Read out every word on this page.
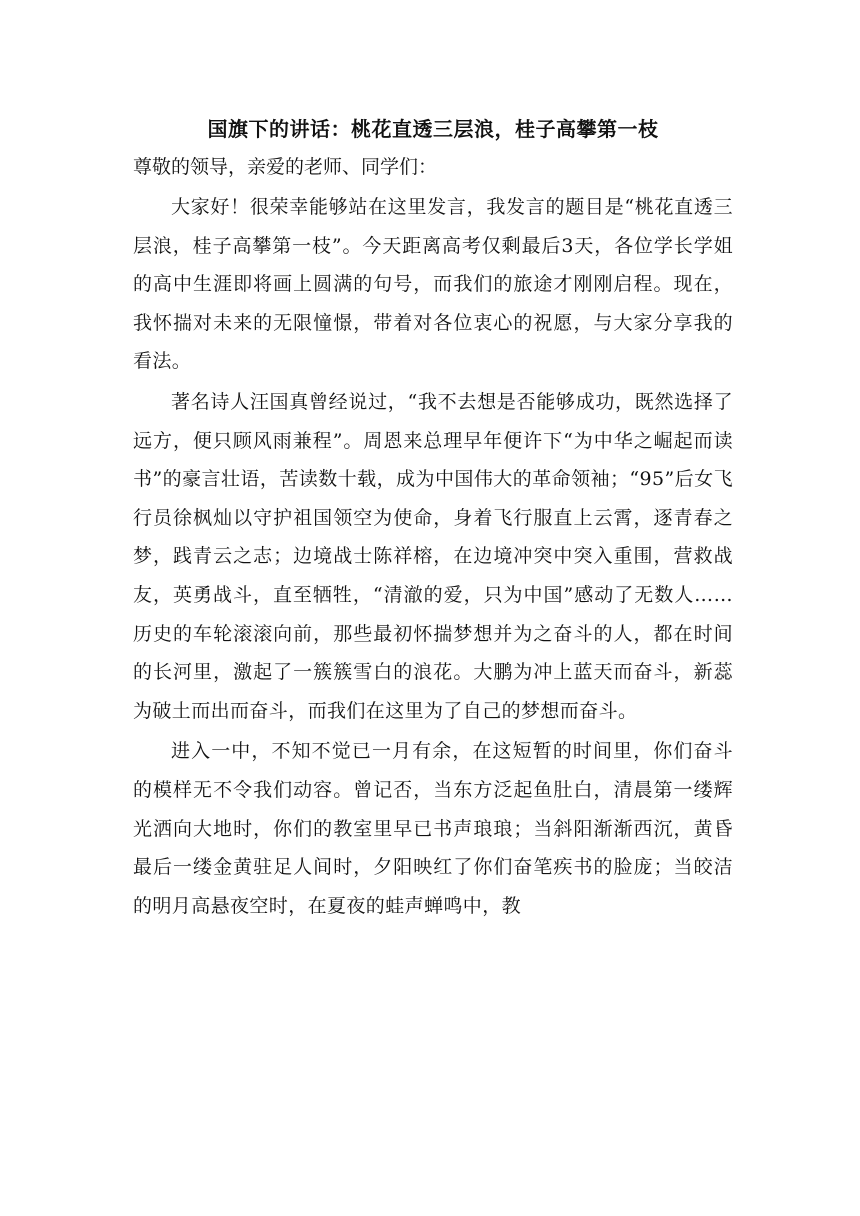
国旗下的讲话：桃花直透三层浪，桂子高攀第一枝

尊敬的领导，亲爱的老师、同学们：

大家好！很荣幸能够站在这里发言，我发言的题目是“桃花直透三层浪，桂子高攀第一枝”。今天距离高考仅剩最后3天，各位学长学姐的高中生涯即将画上圆满的句号，而我们的旅途才刚刚启程。现在，我怀揣对未来的无限憧憬，带着对各位衷心的祝愿，与大家分享我的看法。

著名诗人汪国真曾经说过，“我不去想是否能够成功，既然选择了远方，便只顾风雨兼程”。周恩来总理早年便许下“为中华之崛起而读书”的豪言壮语，苦读数十载，成为中国伟大的革命领袖；“95”后女飞行员徐枫灿以守护祖国领空为使命，身着飞行服直上云霄，逐青春之梦，践青云之志；边境战士陈祥榕，在边境冲突中突入重围，营救战友，英勇战斗，直至牺牲，“清澈的爱，只为中国”感动了无数人……历史的车轮滚滚向前，那些最初怀揣梦想并为之奋斗的人，都在时间的长河里，激起了一簇簇雪白的浪花。大鹏为冲上蓝天而奋斗，新蕊为破土而出而奋斗，而我们在这里为了自己的梦想而奋斗。

进入一中，不知不觉已一月有余，在这短暂的时间里，你们奋斗的模样无不令我们动容。曾记否，当东方泛起鱼肚白，清晨第一缕辉光洒向大地时，你们的教室里早已书声琅琅；当斜阳渐渐西沉，黄昏最后一缕金黄驻足人间时，夕阳映红了你们奋笔疾书的脸庞；当皎洁的明月高悬夜空时，在夏夜的蛙声蝉鸣中，教
